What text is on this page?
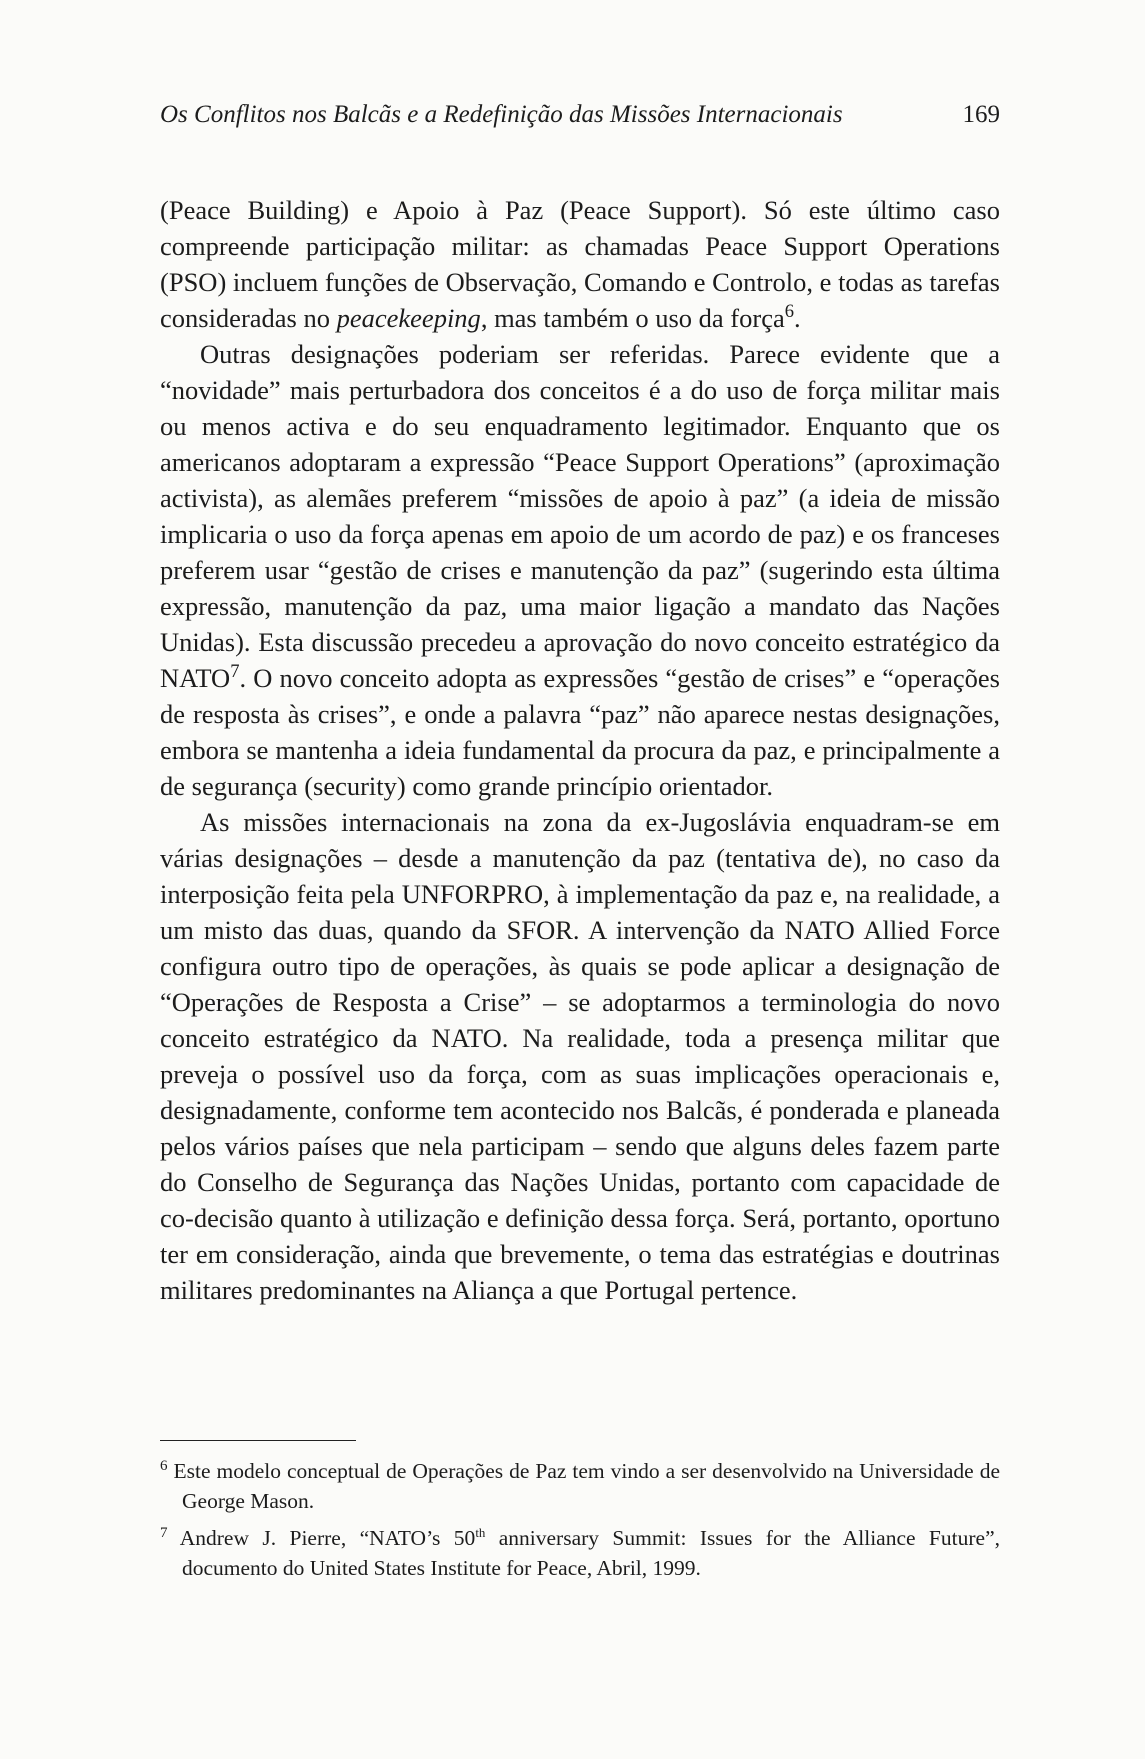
Os Conflitos nos Balcãs e a Redefinição das Missões Internacionais	169

(Peace Building) e Apoio à Paz (Peace Support). Só este último caso compreende participação militar: as chamadas Peace Support Operations (PSO) incluem funções de Observação, Comando e Controlo, e todas as tarefas consideradas no peacekeeping, mas também o uso da força$^6$.

Outras designações poderiam ser referidas. Parece evidente que a “novidade” mais perturbadora dos conceitos é a do uso de força militar mais ou menos activa e do seu enquadramento legitimador. Enquanto que os americanos adoptaram a expressão “Peace Support Operations” (aproximação activista), as alemães preferem “missões de apoio à paz” (a ideia de missão implicaria o uso da força apenas em apoio de um acordo de paz) e os franceses preferem usar “gestão de crises e manutenção da paz” (sugerindo esta última expressão, manutenção da paz, uma maior ligação a mandato das Nações Unidas). Esta discussão precedeu a aprovação do novo conceito estratégico da NATO$^7$. O novo conceito adopta as expressões “gestão de crises” e “operações de resposta às crises”, e onde a palavra “paz” não aparece nestas designações, embora se mantenha a ideia fundamental da procura da paz, e principalmente a de segurança (security) como grande princípio orientador.

As missões internacionais na zona da ex-Jugoslávia enquadram-se em várias designações – desde a manutenção da paz (tentativa de), no caso da interposição feita pela UNFORPRO, à implementação da paz e, na realidade, a um misto das duas, quando da SFOR. A intervenção da NATO Allied Force configura outro tipo de operações, às quais se pode aplicar a designação de “Operações de Resposta a Crise” – se adoptarmos a terminologia do novo conceito estratégico da NATO. Na realidade, toda a presença militar que preveja o possível uso da força, com as suas implicações operacionais e, designadamente, conforme tem acontecido nos Balcãs, é ponderada e planeada pelos vários países que nela participam – sendo que alguns deles fazem parte do Conselho de Segurança das Nações Unidas, portanto com capacidade de co-decisão quanto à utilização e definição dessa força. Será, portanto, oportuno ter em consideração, ainda que brevemente, o tema das estratégias e doutrinas militares predominantes na Aliança a que Portugal pertence.

$^6$ Este modelo conceptual de Operações de Paz tem vindo a ser desenvolvido na Universidade de George Mason.

$^7$ Andrew J. Pierre, “NATO’s 50th anniversary Summit: Issues for the Alliance Future”, documento do United States Institute for Peace, Abril, 1999.
